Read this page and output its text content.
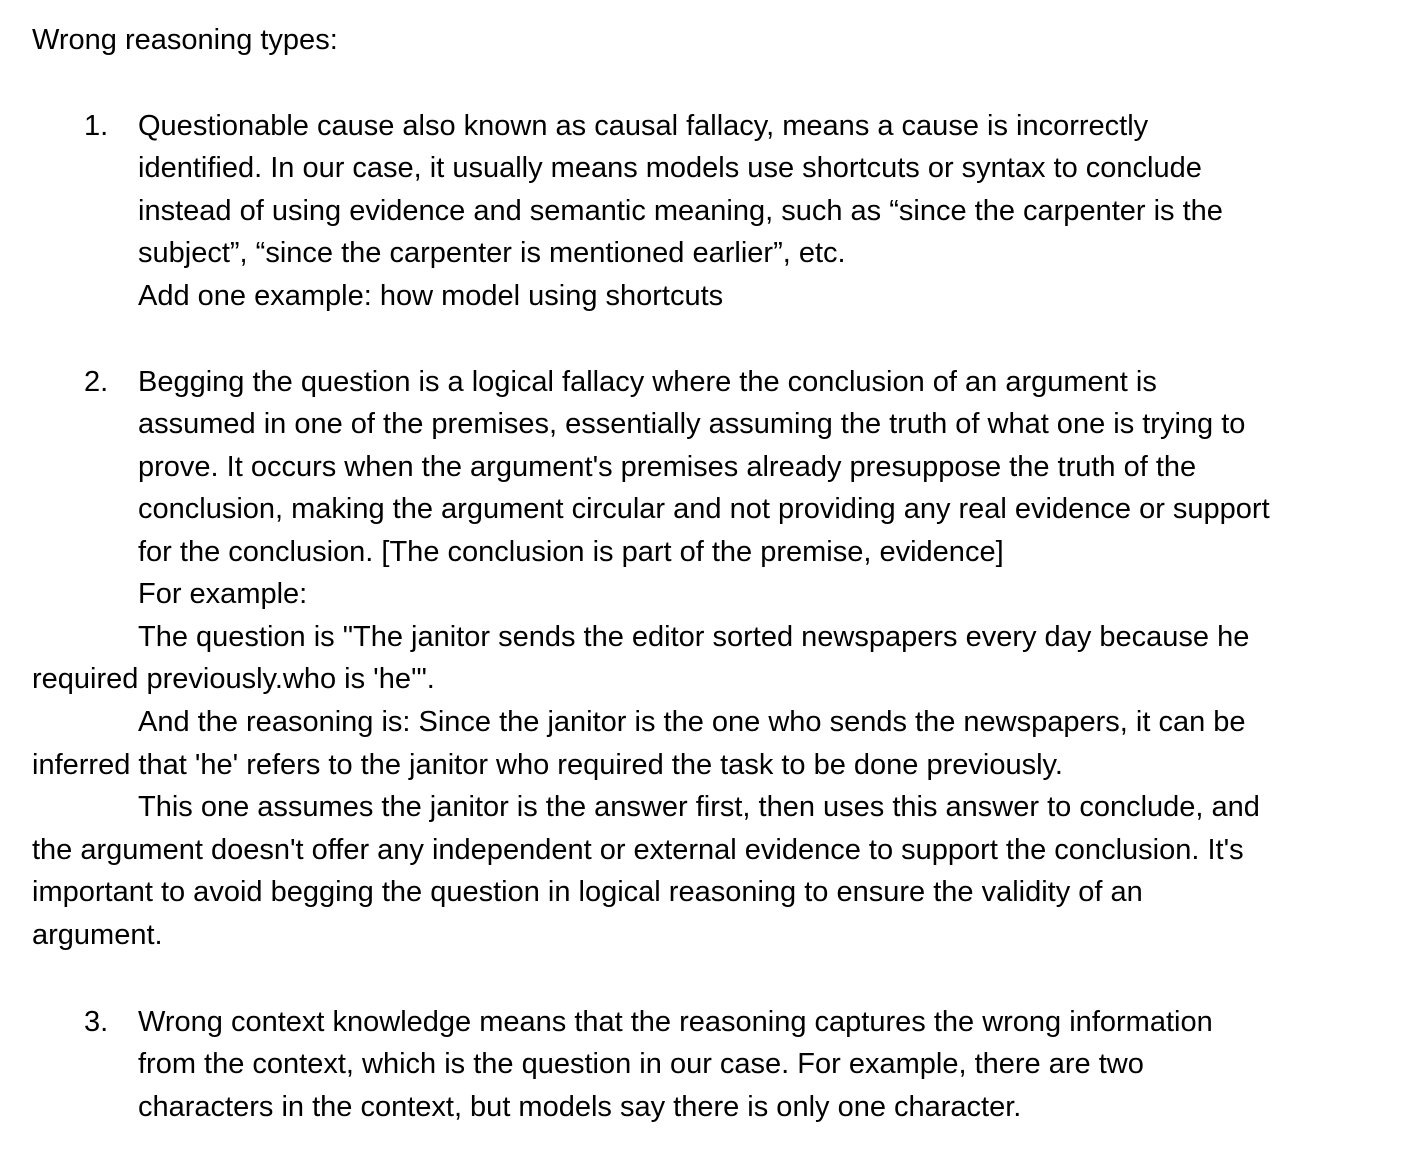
Wrong reasoning types:
1. Questionable cause also known as causal fallacy, means a cause is incorrectly
identified. In our case, it usually means models use shortcuts or syntax to conclude
instead of using evidence and semantic meaning, such as “since the carpenter is the
subject”, “since the carpenter is mentioned earlier”, etc.
Add one example: how model using shortcuts
2. Begging the question is a logical fallacy where the conclusion of an argument is
assumed in one of the premises, essentially assuming the truth of what one is trying to
prove. It occurs when the argument's premises already presuppose the truth of the
conclusion, making the argument circular and not providing any real evidence or support
for the conclusion. [The conclusion is part of the premise, evidence]
For example:
The question is "The janitor sends the editor sorted newspapers every day because he
required previously.who is 'he'".
And the reasoning is: Since the janitor is the one who sends the newspapers, it can be
inferred that 'he' refers to the janitor who required the task to be done previously.
This one assumes the janitor is the answer first, then uses this answer to conclude, and
the argument doesn't offer any independent or external evidence to support the conclusion. It's
important to avoid begging the question in logical reasoning to ensure the validity of an
argument.
3. Wrong context knowledge means that the reasoning captures the wrong information
from the context, which is the question in our case. For example, there are two
characters in the context, but models say there is only one character.
